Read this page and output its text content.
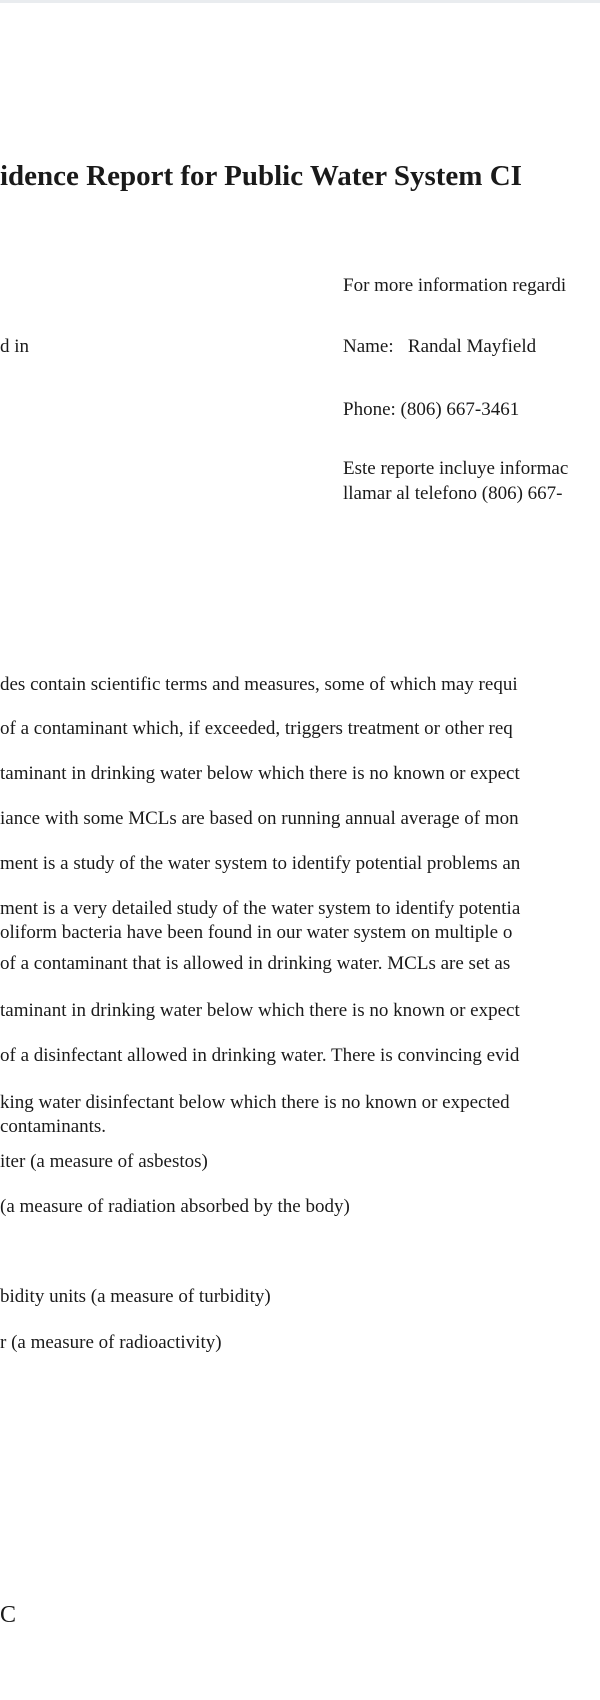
idence Report for Public Water System CI
d in
For more information regardi
Name: Randal Mayfield
Phone: (806) 667-3461
Este reporte incluye informac
llamar al telefono (806) 667-
des contain scientific terms and measures, some of which may requi
of a contaminant which, if exceeded, triggers treatment or other req
taminant in drinking water below which there is no known or expect
iance with some MCLs are based on running annual average of mon
ment is a study of the water system to identify potential problems an
ment is a very detailed study of the water system to identify potentia
oliform bacteria have been found in our water system on multiple o
of a contaminant that is allowed in drinking water. MCLs are set as
taminant in drinking water below which there is no known or expect
of a disinfectant allowed in drinking water. There is convincing evid
king water disinfectant below which there is no known or expected
contaminants.
iter (a measure of asbestos)
(a measure of radiation absorbed by the body)
bidity units (a measure of turbidity)
r (a measure of radioactivity)
C
